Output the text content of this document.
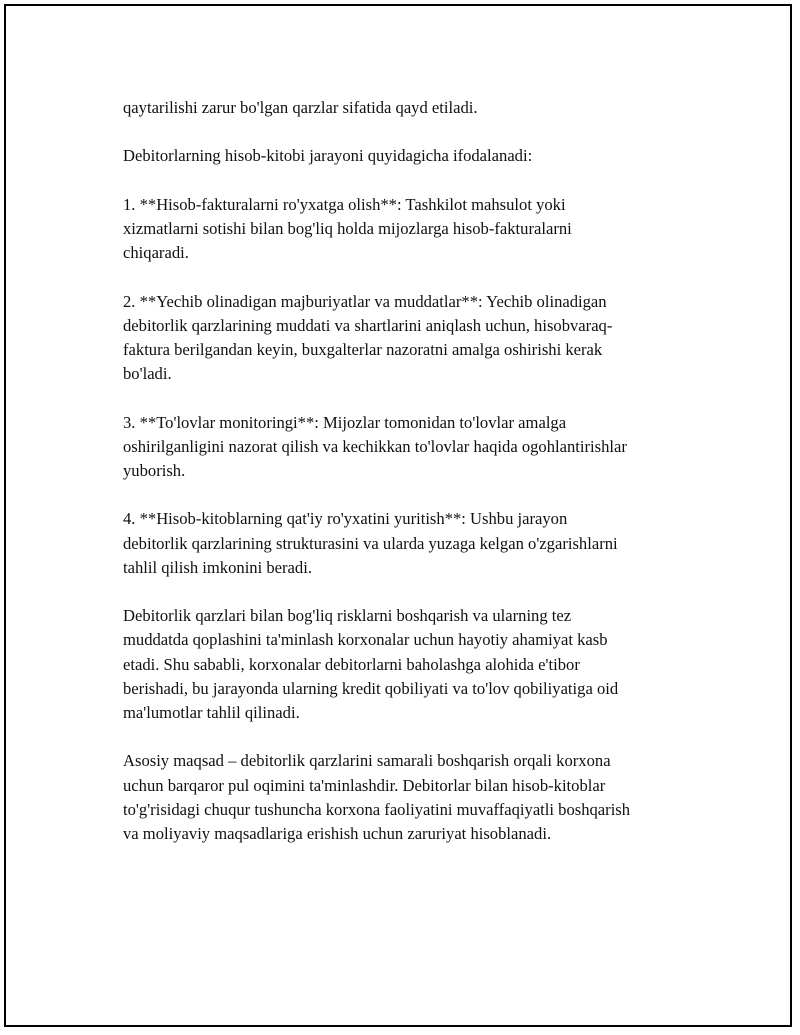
qaytarilishi zarur bo'lgan qarzlar sifatida qayd etiladi.

Debitorlarning hisob-kitobi jarayoni quyidagicha ifodalanadi:

1. **Hisob-fakturalarni ro'yxatga olish**: Tashkilot mahsulot yoki
xizmatlarni sotishi bilan bog'liq holda mijozlarga hisob-fakturalarni
chiqaradi.

2. **Yechib olinadigan majburiyatlar va muddatlar**: Yechib olinadigan
debitorlik qarzlarining muddati va shartlarini aniqlash uchun, hisobvaraq-
faktura berilgandan keyin, buxgalterlar nazoratni amalga oshirishi kerak
bo'ladi.

3. **To'lovlar monitoringi**: Mijozlar tomonidan to'lovlar amalga
oshirilganligini nazorat qilish va kechikkan to'lovlar haqida ogohlantirishlar
yuborish.

4. **Hisob-kitoblarning qat'iy ro'yxatini yuritish**: Ushbu jarayon
debitorlik qarzlarining strukturasini va ularda yuzaga kelgan o'zgarishlarni
tahlil qilish imkonini beradi.

Debitorlik qarzlari bilan bog'liq risklarni boshqarish va ularning tez
muddatda qoplashini ta'minlash korxonalar uchun hayotiy ahamiyat kasb
etadi. Shu sababli, korxonalar debitorlarni baholashga alohida e'tibor
berishadi, bu jarayonda ularning kredit qobiliyati va to'lov qobiliyatiga oid
ma'lumotlar tahlil qilinadi.

Asosiy maqsad – debitorlik qarzlarini samarali boshqarish orqali korxona
uchun barqaror pul oqimini ta'minlashdir. Debitorlar bilan hisob-kitoblar
to'g'risidagi chuqur tushuncha korxona faoliyatini muvaffaqiyatli boshqarish
va moliyaviy maqsadlariga erishish uchun zaruriyat hisoblanadi.
